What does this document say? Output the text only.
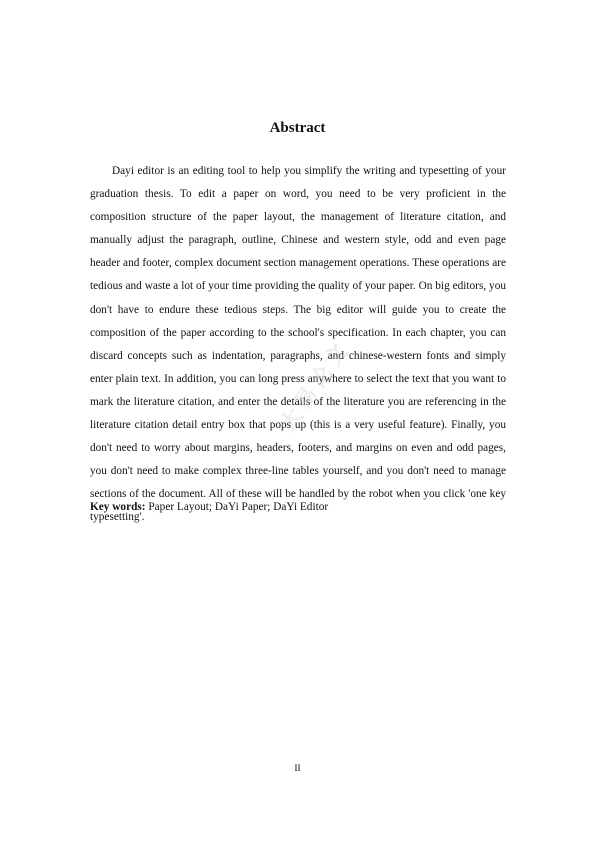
Abstract

Dayi editor is an editing tool to help you simplify the writing and typesetting of your graduation thesis. To edit a paper on word, you need to be very proficient in the composition structure of the paper layout, the management of literature citation, and manually adjust the paragraph, outline, Chinese and western style, odd and even page header and footer, complex document section management operations. These operations are tedious and waste a lot of your time providing the quality of your paper. On big editors, you don't have to endure these tedious steps. The big editor will guide you to create the composition of the paper according to the school's specification. In each chapter, you can discard concepts such as indentation, paragraphs, and chinese-western fonts and simply enter plain text. In addition, you can long press anywhere to select the text that you want to mark the literature citation, and enter the details of the literature you are referencing in the literature citation detail entry box that pops up (this is a very useful feature). Finally, you don't need to worry about margins, headers, footers, and margins on even and odd pages, you don't need to make complex three-line tables yourself, and you don't need to manage sections of the document. All of these will be handled by the robot when you click 'one key typesetting'.

Key words: Paper Layout; DaYi Paper; DaYi Editor

大易论文
II
